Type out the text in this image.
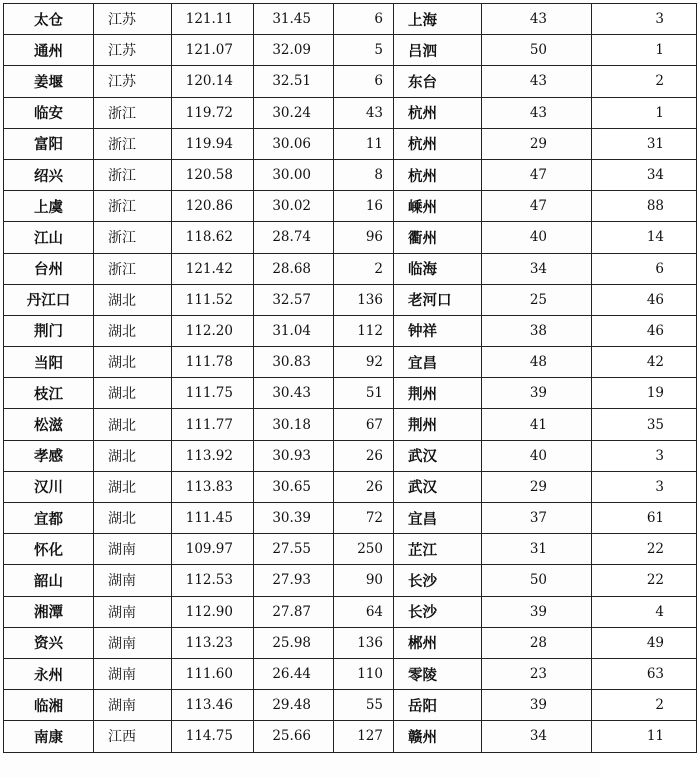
太仓	江苏	121.11	31.45	6	上海	43	3
通州	江苏	121.07	32.09	5	吕泗	50	1
姜堰	江苏	120.14	32.51	6	东台	43	2
临安	浙江	119.72	30.24	43	杭州	43	1
富阳	浙江	119.94	30.06	11	杭州	29	31
绍兴	浙江	120.58	30.00	8	杭州	47	34
上虞	浙江	120.86	30.02	16	嵊州	47	88
江山	浙江	118.62	28.74	96	衢州	40	14
台州	浙江	121.42	28.68	2	临海	34	6
丹江口	湖北	111.52	32.57	136	老河口	25	46
荆门	湖北	112.20	31.04	112	钟祥	38	46
当阳	湖北	111.78	30.83	92	宜昌	48	42
枝江	湖北	111.75	30.43	51	荆州	39	19
松滋	湖北	111.77	30.18	67	荆州	41	35
孝感	湖北	113.92	30.93	26	武汉	40	3
汉川	湖北	113.83	30.65	26	武汉	29	3
宜都	湖北	111.45	30.39	72	宜昌	37	61
怀化	湖南	109.97	27.55	250	芷江	31	22
韶山	湖南	112.53	27.93	90	长沙	50	22
湘潭	湖南	112.90	27.87	64	长沙	39	4
资兴	湖南	113.23	25.98	136	郴州	28	49
永州	湖南	111.60	26.44	110	零陵	23	63
临湘	湖南	113.46	29.48	55	岳阳	39	2
南康	江西	114.75	25.66	127	赣州	34	11
